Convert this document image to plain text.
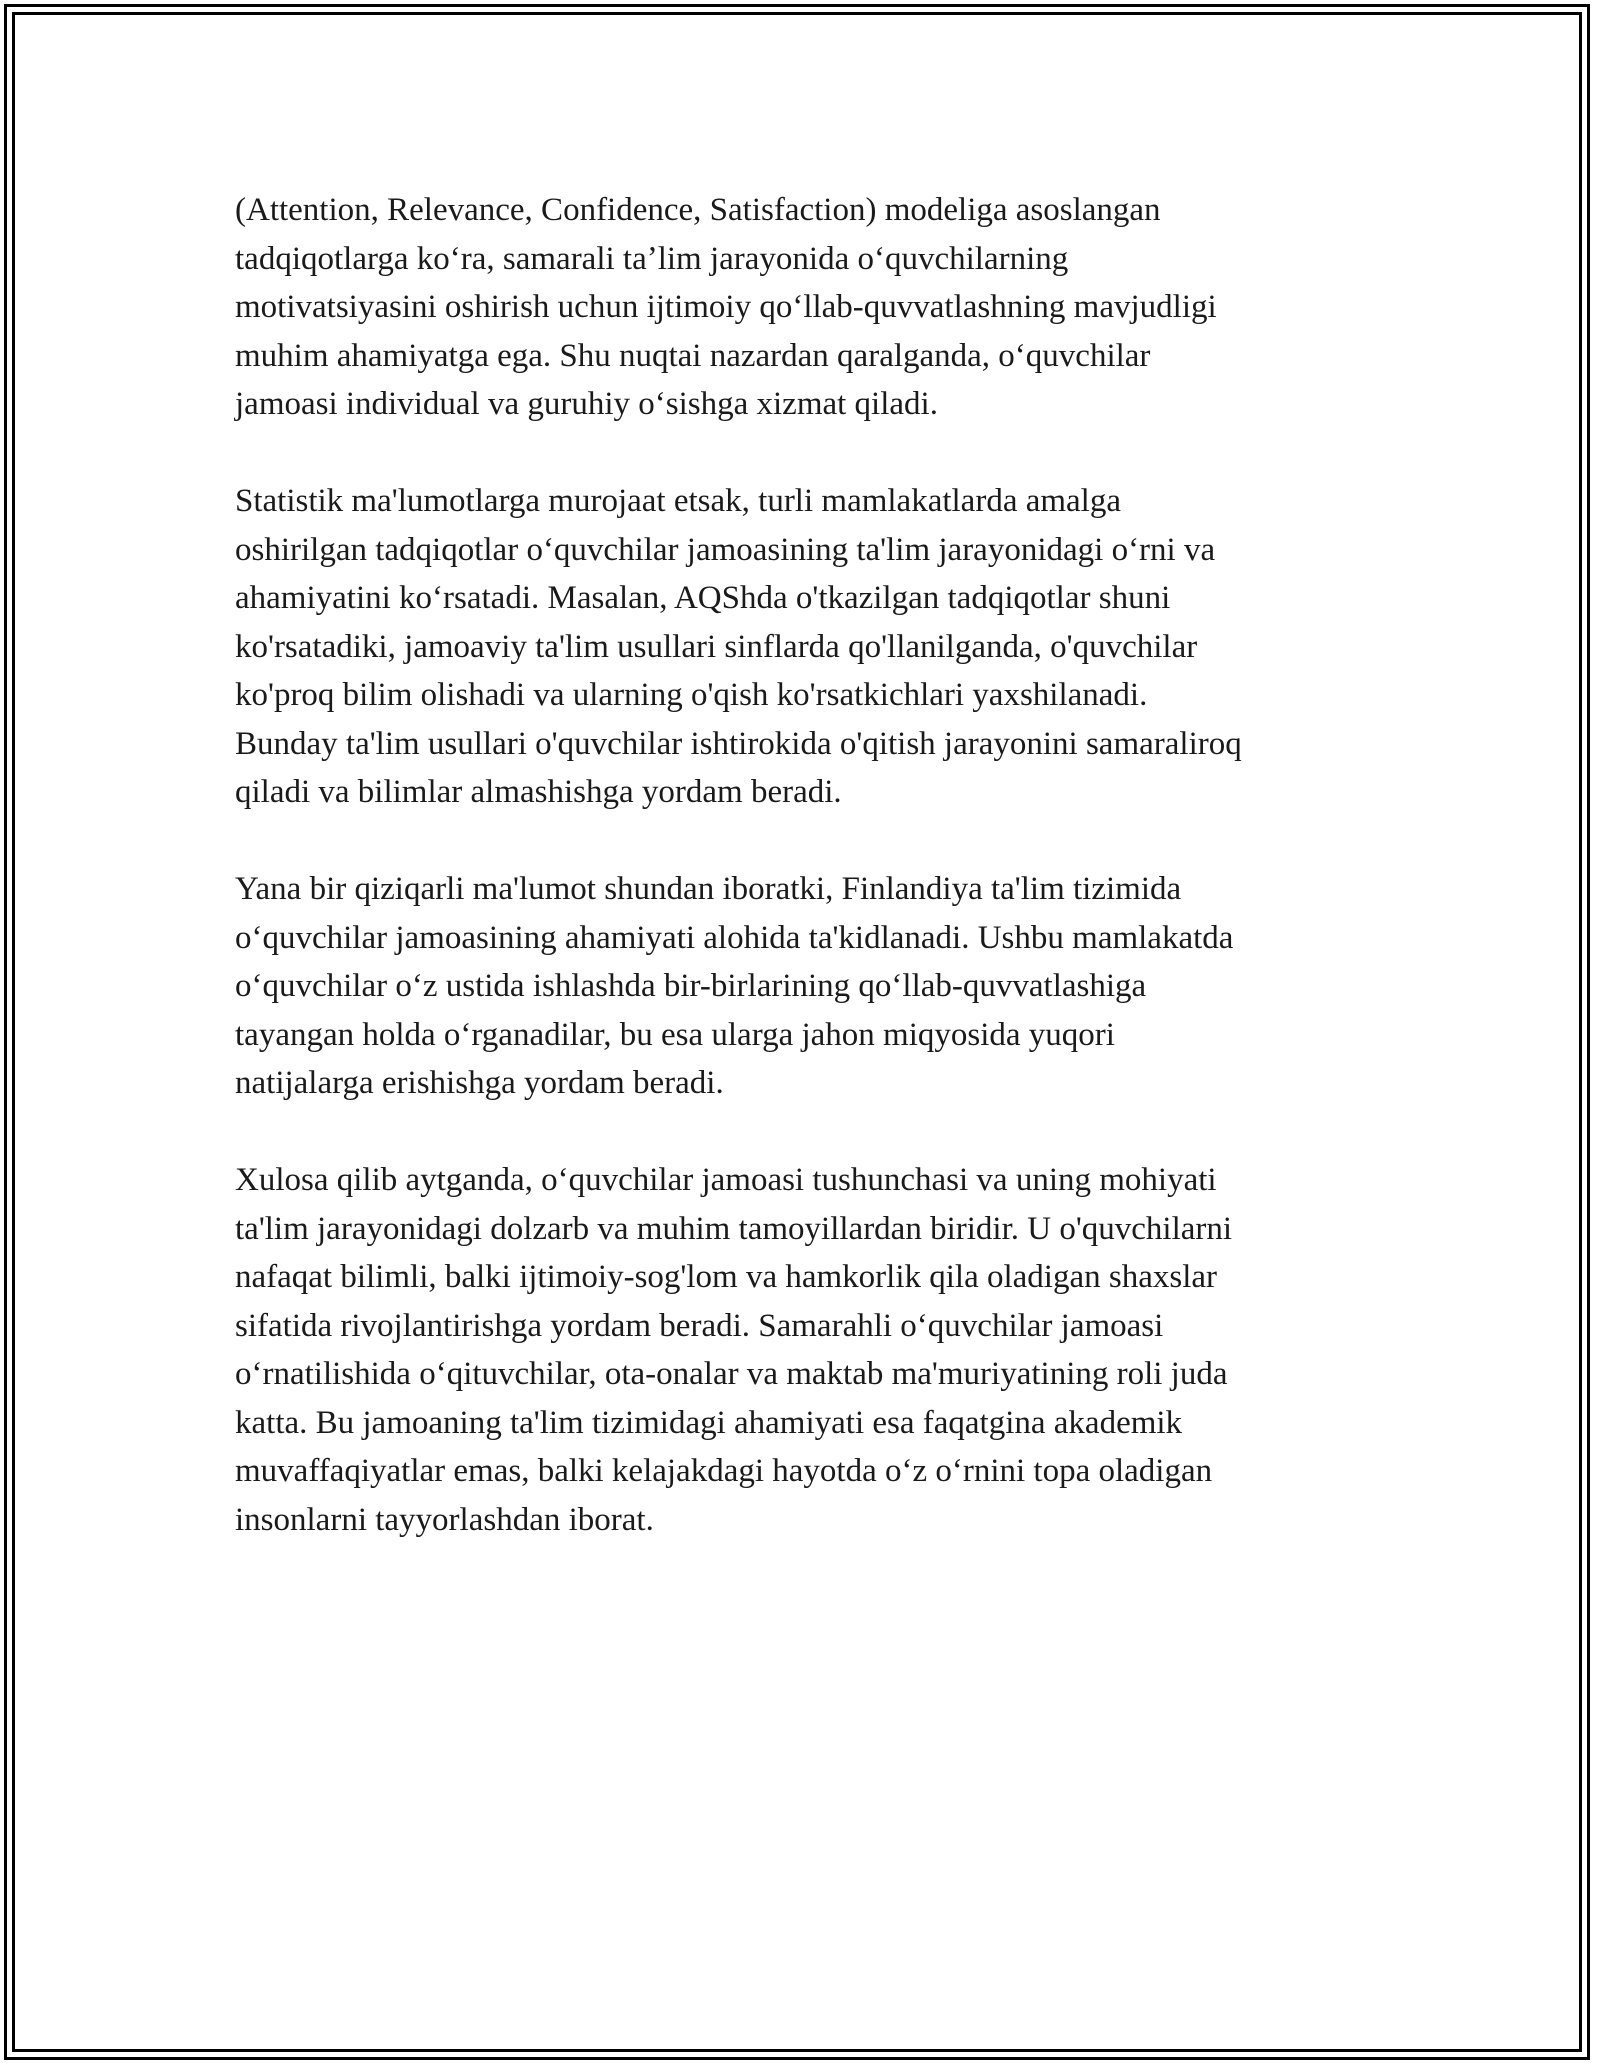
(Attention, Relevance, Confidence, Satisfaction) modeliga asoslangan
tadqiqotlarga koʻra, samarali taʼlim jarayonida oʻquvchilarning
motivatsiyasini oshirish uchun ijtimoiy qoʻllab-quvvatlashning mavjudligi
muhim ahamiyatga ega. Shu nuqtai nazardan qaralganda, oʻquvchilar
jamoasi individual va guruhiy oʻsishga xizmat qiladi.

Statistik ma'lumotlarga murojaat etsak, turli mamlakatlarda amalga
oshirilgan tadqiqotlar oʻquvchilar jamoasining ta'lim jarayonidagi oʻrni va
ahamiyatini koʻrsatadi. Masalan, AQShda o'tkazilgan tadqiqotlar shuni
ko'rsatadiki, jamoaviy ta'lim usullari sinflarda qo'llanilganda, o'quvchilar
ko'proq bilim olishadi va ularning o'qish ko'rsatkichlari yaxshilanadi.
Bunday ta'lim usullari o'quvchilar ishtirokida o'qitish jarayonini samaraliroq
qiladi va bilimlar almashishga yordam beradi.

Yana bir qiziqarli ma'lumot shundan iboratki, Finlandiya ta'lim tizimida
oʻquvchilar jamoasining ahamiyati alohida ta'kidlanadi. Ushbu mamlakatda
oʻquvchilar oʻz ustida ishlashda bir-birlarining qoʻllab-quvvatlashiga
tayangan holda oʻrganadilar, bu esa ularga jahon miqyosida yuqori
natijalarga erishishga yordam beradi.

Xulosa qilib aytganda, oʻquvchilar jamoasi tushunchasi va uning mohiyati
ta'lim jarayonidagi dolzarb va muhim tamoyillardan biridir. U o'quvchilarni
nafaqat bilimli, balki ijtimoiy-sog'lom va hamkorlik qila oladigan shaxslar
sifatida rivojlantirishga yordam beradi. Samarahli oʻquvchilar jamoasi
oʻrnatilishida oʻqituvchilar, ota-onalar va maktab ma'muriyatining roli juda
katta. Bu jamoaning ta'lim tizimidagi ahamiyati esa faqatgina akademik
muvaffaqiyatlar emas, balki kelajakdagi hayotda oʻz oʻrnini topa oladigan
insonlarni tayyorlashdan iborat.
